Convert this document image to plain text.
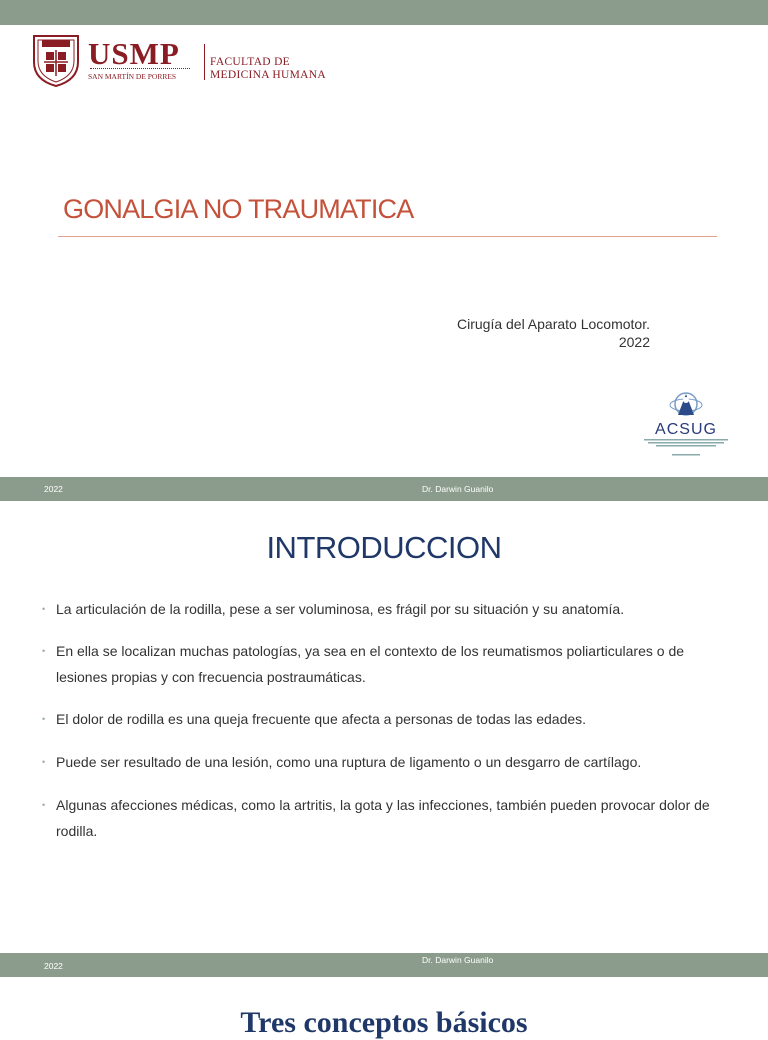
USMP
SAN MARTÍN DE PORRES
FACULTAD DE
MEDICINA HUMANA
GONALGIA NO TRAUMATICA
Cirugía del Aparato Locomotor.
2022
ACSUG
2022	Dr. Darwin Guanilo
INTRODUCCION
• La articulación de la rodilla, pese a ser voluminosa, es frágil por su situación y su anatomía.
• En ella se localizan muchas patologías, ya sea en el contexto de los reumatismos poliarticulares o de lesiones propias y con frecuencia postraumáticas.
• El dolor de rodilla es una queja frecuente que afecta a personas de todas las edades.
• Puede ser resultado de una lesión, como una ruptura de ligamento o un desgarro de cartílago.
• Algunas afecciones médicas, como la artritis, la gota y las infecciones, también pueden provocar dolor de rodilla.
2022
Dr. Darwin Guanilo
Tres conceptos básicos
